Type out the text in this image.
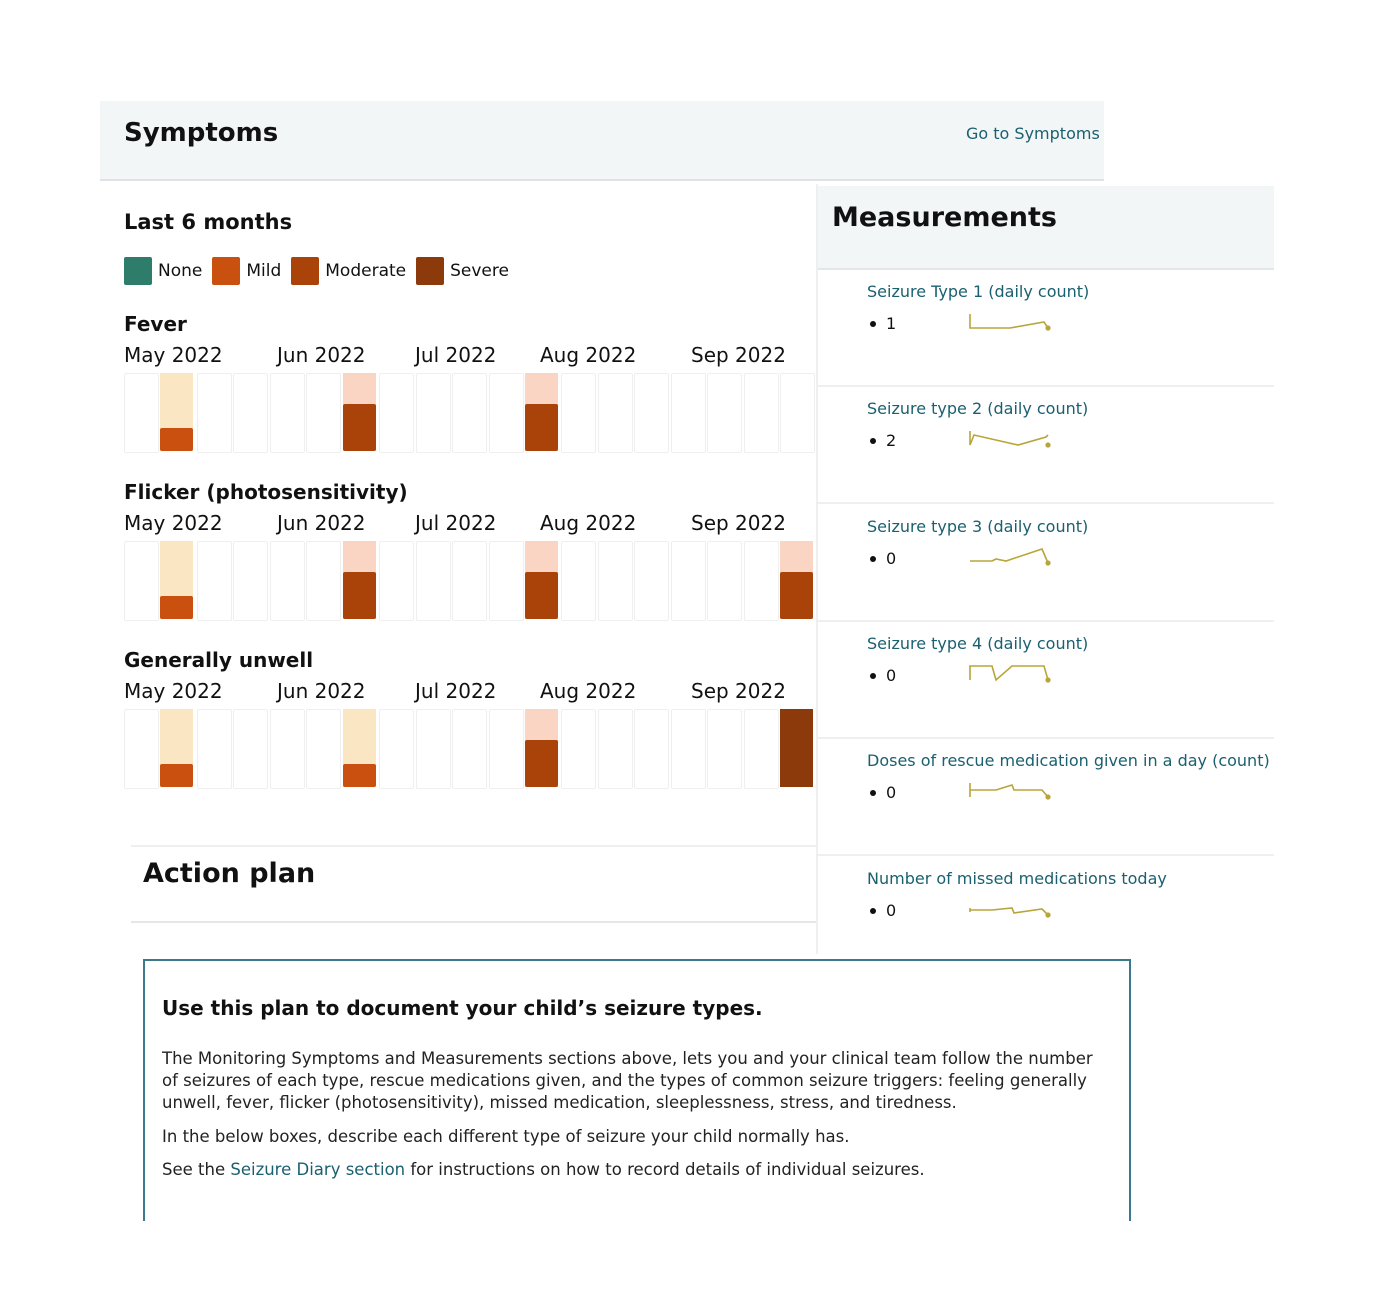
Symptoms	Go to Symptoms
Last 6 months
None	Mild	Moderate	Severe
Fever
May 2022	Jun 2022 Jul 2022 Aug 2022	Sep 2022
Flicker (photosensitivity)
May 2022	Jun 2022 Jul 2022 Aug 2022	Sep 2022
Generally unwell
May 2022	Jun 2022 Jul 2022 Aug 2022	Sep 2022
Measurements
Seizure Type 1 (daily count)
1
Seizure type 2 (daily count)
2
Seizure type 3 (daily count)
0
Seizure type 4 (daily count)
0
Doses of rescue medication given in a day (count)
0
Number of missed medications today
0
Action plan
Use this plan to document your child’s seizure types.
The Monitoring Symptoms and Measurements sections above, lets you and your clinical team follow the number of seizures of each type, rescue medications given, and the types of common seizure triggers: feeling generally unwell, fever, flicker (photosensitivity), missed medication, sleeplessness, stress, and tiredness.
In the below boxes, describe each different type of seizure your child normally has.
See the Seizure Diary section for instructions on how to record details of individual seizures.
